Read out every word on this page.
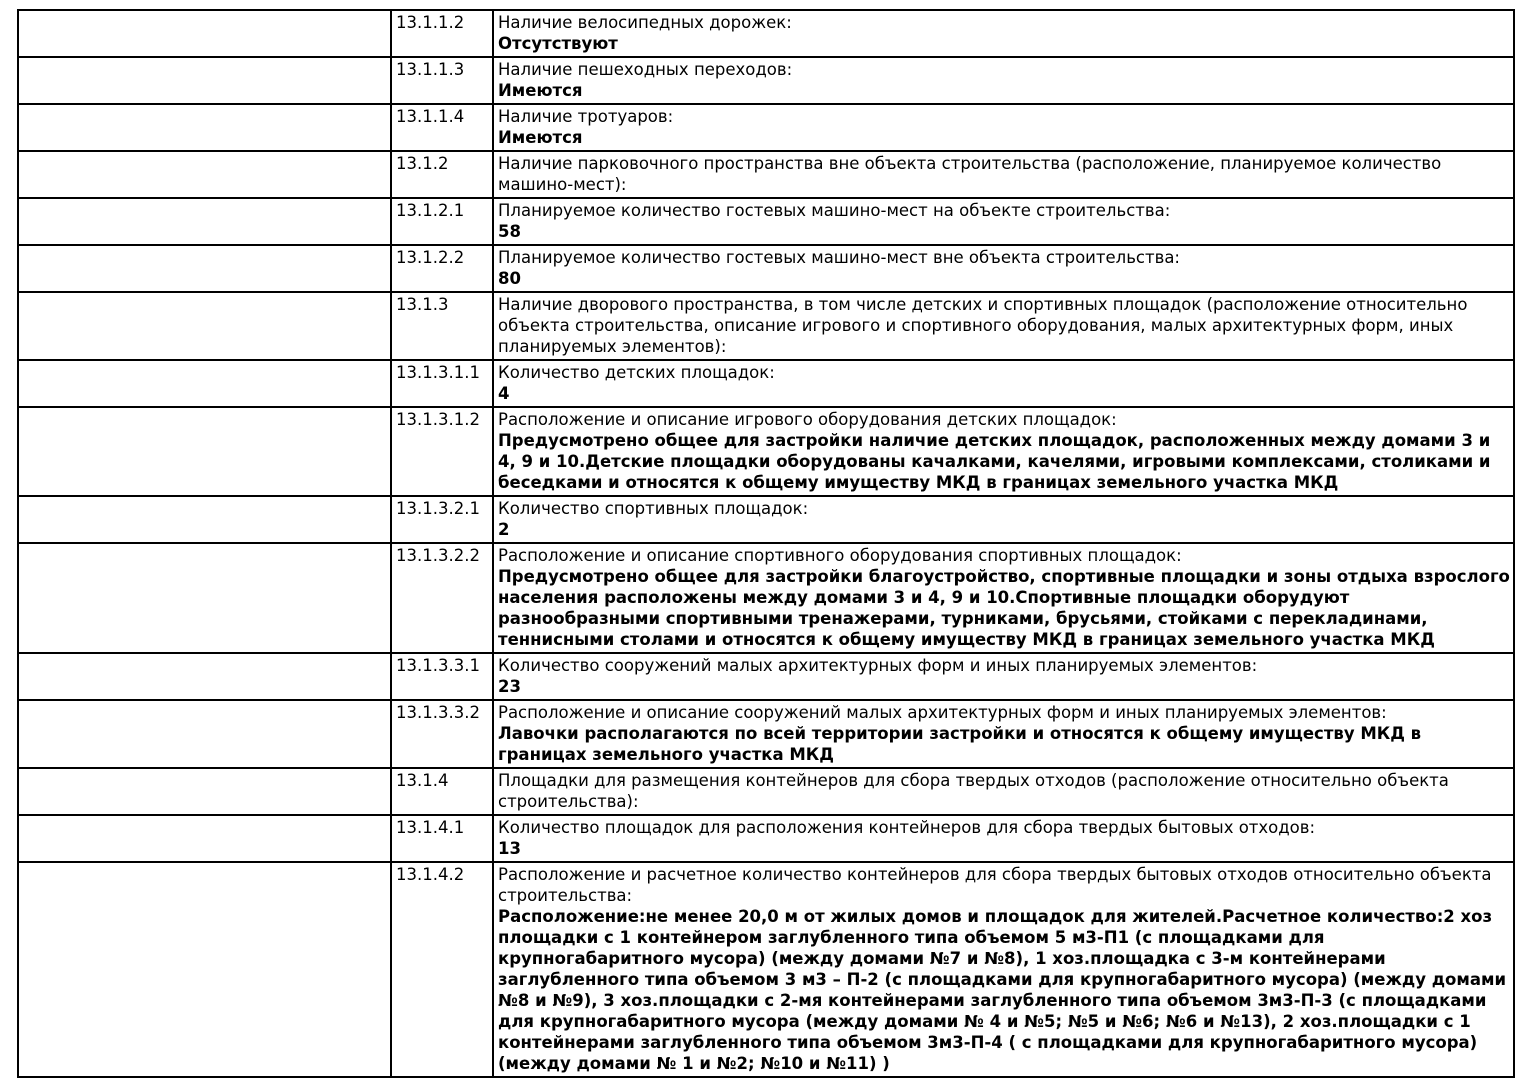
	13.1.1.2	Наличие велосипедных дорожек:
Отсутствуют

	13.1.1.3	Наличие пешеходных переходов:
Имеются

	13.1.1.4	Наличие тротуаров:
Имеются

	13.1.2	Наличие парковочного пространства вне объекта строительства (расположение, планируемое количество машино-мест):

	13.1.2.1	Планируемое количество гостевых машино-мест на объекте строительства:
58

	13.1.2.2	Планируемое количество гостевых машино-мест вне объекта строительства:
80

	13.1.3	Наличие дворового пространства, в том числе детских и спортивных площадок (расположение относительно объекта строительства, описание игрового и спортивного оборудования, малых архитектурных форм, иных планируемых элементов):

	13.1.3.1.1	Количество детских площадок:
4

	13.1.3.1.2	Расположение и описание игрового оборудования детских площадок:
Предусмотрено общее для застройки наличие детских площадок, расположенных между домами 3 и 4, 9 и 10.Детские площадки оборудованы качалками, качелями, игровыми комплексами, столиками и беседками и относятся к общему имуществу МКД в границах земельного участка МКД

	13.1.3.2.1	Количество спортивных площадок:
2

	13.1.3.2.2	Расположение и описание спортивного оборудования спортивных площадок:
Предусмотрено общее для застройки благоустройство, спортивные площадки и зоны отдыха взрослого населения расположены между домами 3 и 4, 9 и 10.Спортивные площадки оборудуют разнообразными спортивными тренажерами, турниками, брусьями, стойками с перекладинами, теннисными столами и относятся к общему имуществу МКД в границах земельного участка МКД

	13.1.3.3.1	Количество сооружений малых архитектурных форм и иных планируемых элементов:
23

	13.1.3.3.2	Расположение и описание сооружений малых архитектурных форм и иных планируемых элементов:
Лавочки располагаются по всей территории застройки и относятся к общему имуществу МКД в границах земельного участка МКД

	13.1.4	Площадки для размещения контейнеров для сбора твердых отходов (расположение относительно объекта строительства):

	13.1.4.1	Количество площадок для расположения контейнеров для сбора твердых бытовых отходов:
13

	13.1.4.2	Расположение и расчетное количество контейнеров для сбора твердых бытовых отходов относительно объекта строительства:
Расположение:не менее 20,0 м от жилых домов и площадок для жителей.Расчетное количество:2 хоз площадки с 1 контейнером заглубленного типа объемом 5 м3-П1 (с площадками для крупногабаритного мусора) (между домами №7 и №8), 1 хоз.площадка с 3-м контейнерами заглубленного типа объемом 3 м3 – П-2 (с площадками для крупногабаритного мусора) (между домами №8 и №9), 3 хоз.площадки с 2-мя контейнерами заглубленного типа объемом 3м3-П-3 (с площадками для крупногабаритного мусора (между домами № 4 и №5; №5 и №6; №6 и №13), 2 хоз.площадки с 1 контейнерами заглубленного типа объемом 3м3-П-4 ( с площадками для крупногабаритного мусора) (между домами № 1 и №2; №10 и №11) )
